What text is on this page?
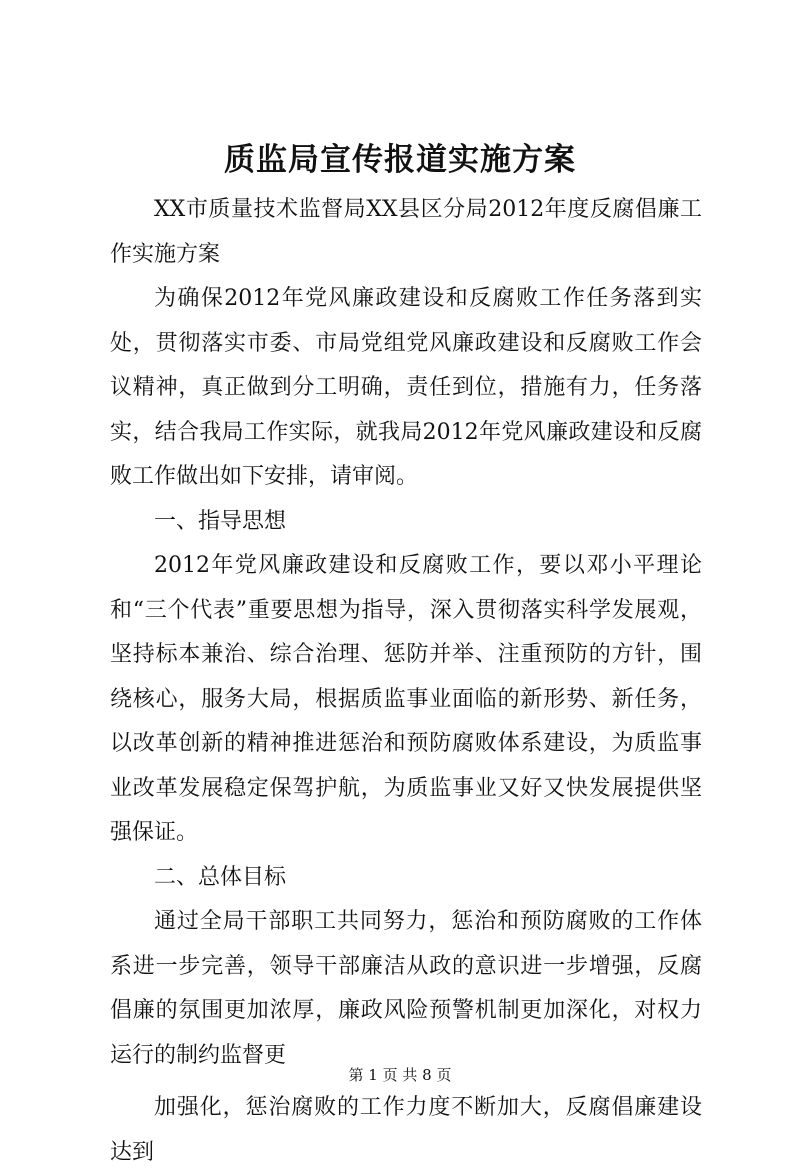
质监局宣传报道实施方案

XX市质量技术监督局XX县区分局2012年度反腐倡廉工作实施方案

为确保2012年党风廉政建设和反腐败工作任务落到实处，贯彻落实市委、市局党组党风廉政建设和反腐败工作会议精神，真正做到分工明确，责任到位，措施有力，任务落实，结合我局工作实际，就我局2012年党风廉政建设和反腐败工作做出如下安排，请审阅。

一、指导思想

2012年党风廉政建设和反腐败工作，要以邓小平理论和“三个代表”重要思想为指导，深入贯彻落实科学发展观，坚持标本兼治、综合治理、惩防并举、注重预防的方针，围绕核心，服务大局，根据质监事业面临的新形势、新任务，以改革创新的精神推进惩治和预防腐败体系建设，为质监事业改革发展稳定保驾护航，为质监事业又好又快发展提供坚强保证。

二、总体目标

通过全局干部职工共同努力，惩治和预防腐败的工作体系进一步完善，领导干部廉洁从政的意识进一步增强，反腐倡廉的氛围更加浓厚，廉政风险预警机制更加深化，对权力运行的制约监督更

加强化，惩治腐败的工作力度不断加大，反腐倡廉建设达到

第 1 页 共 8 页
